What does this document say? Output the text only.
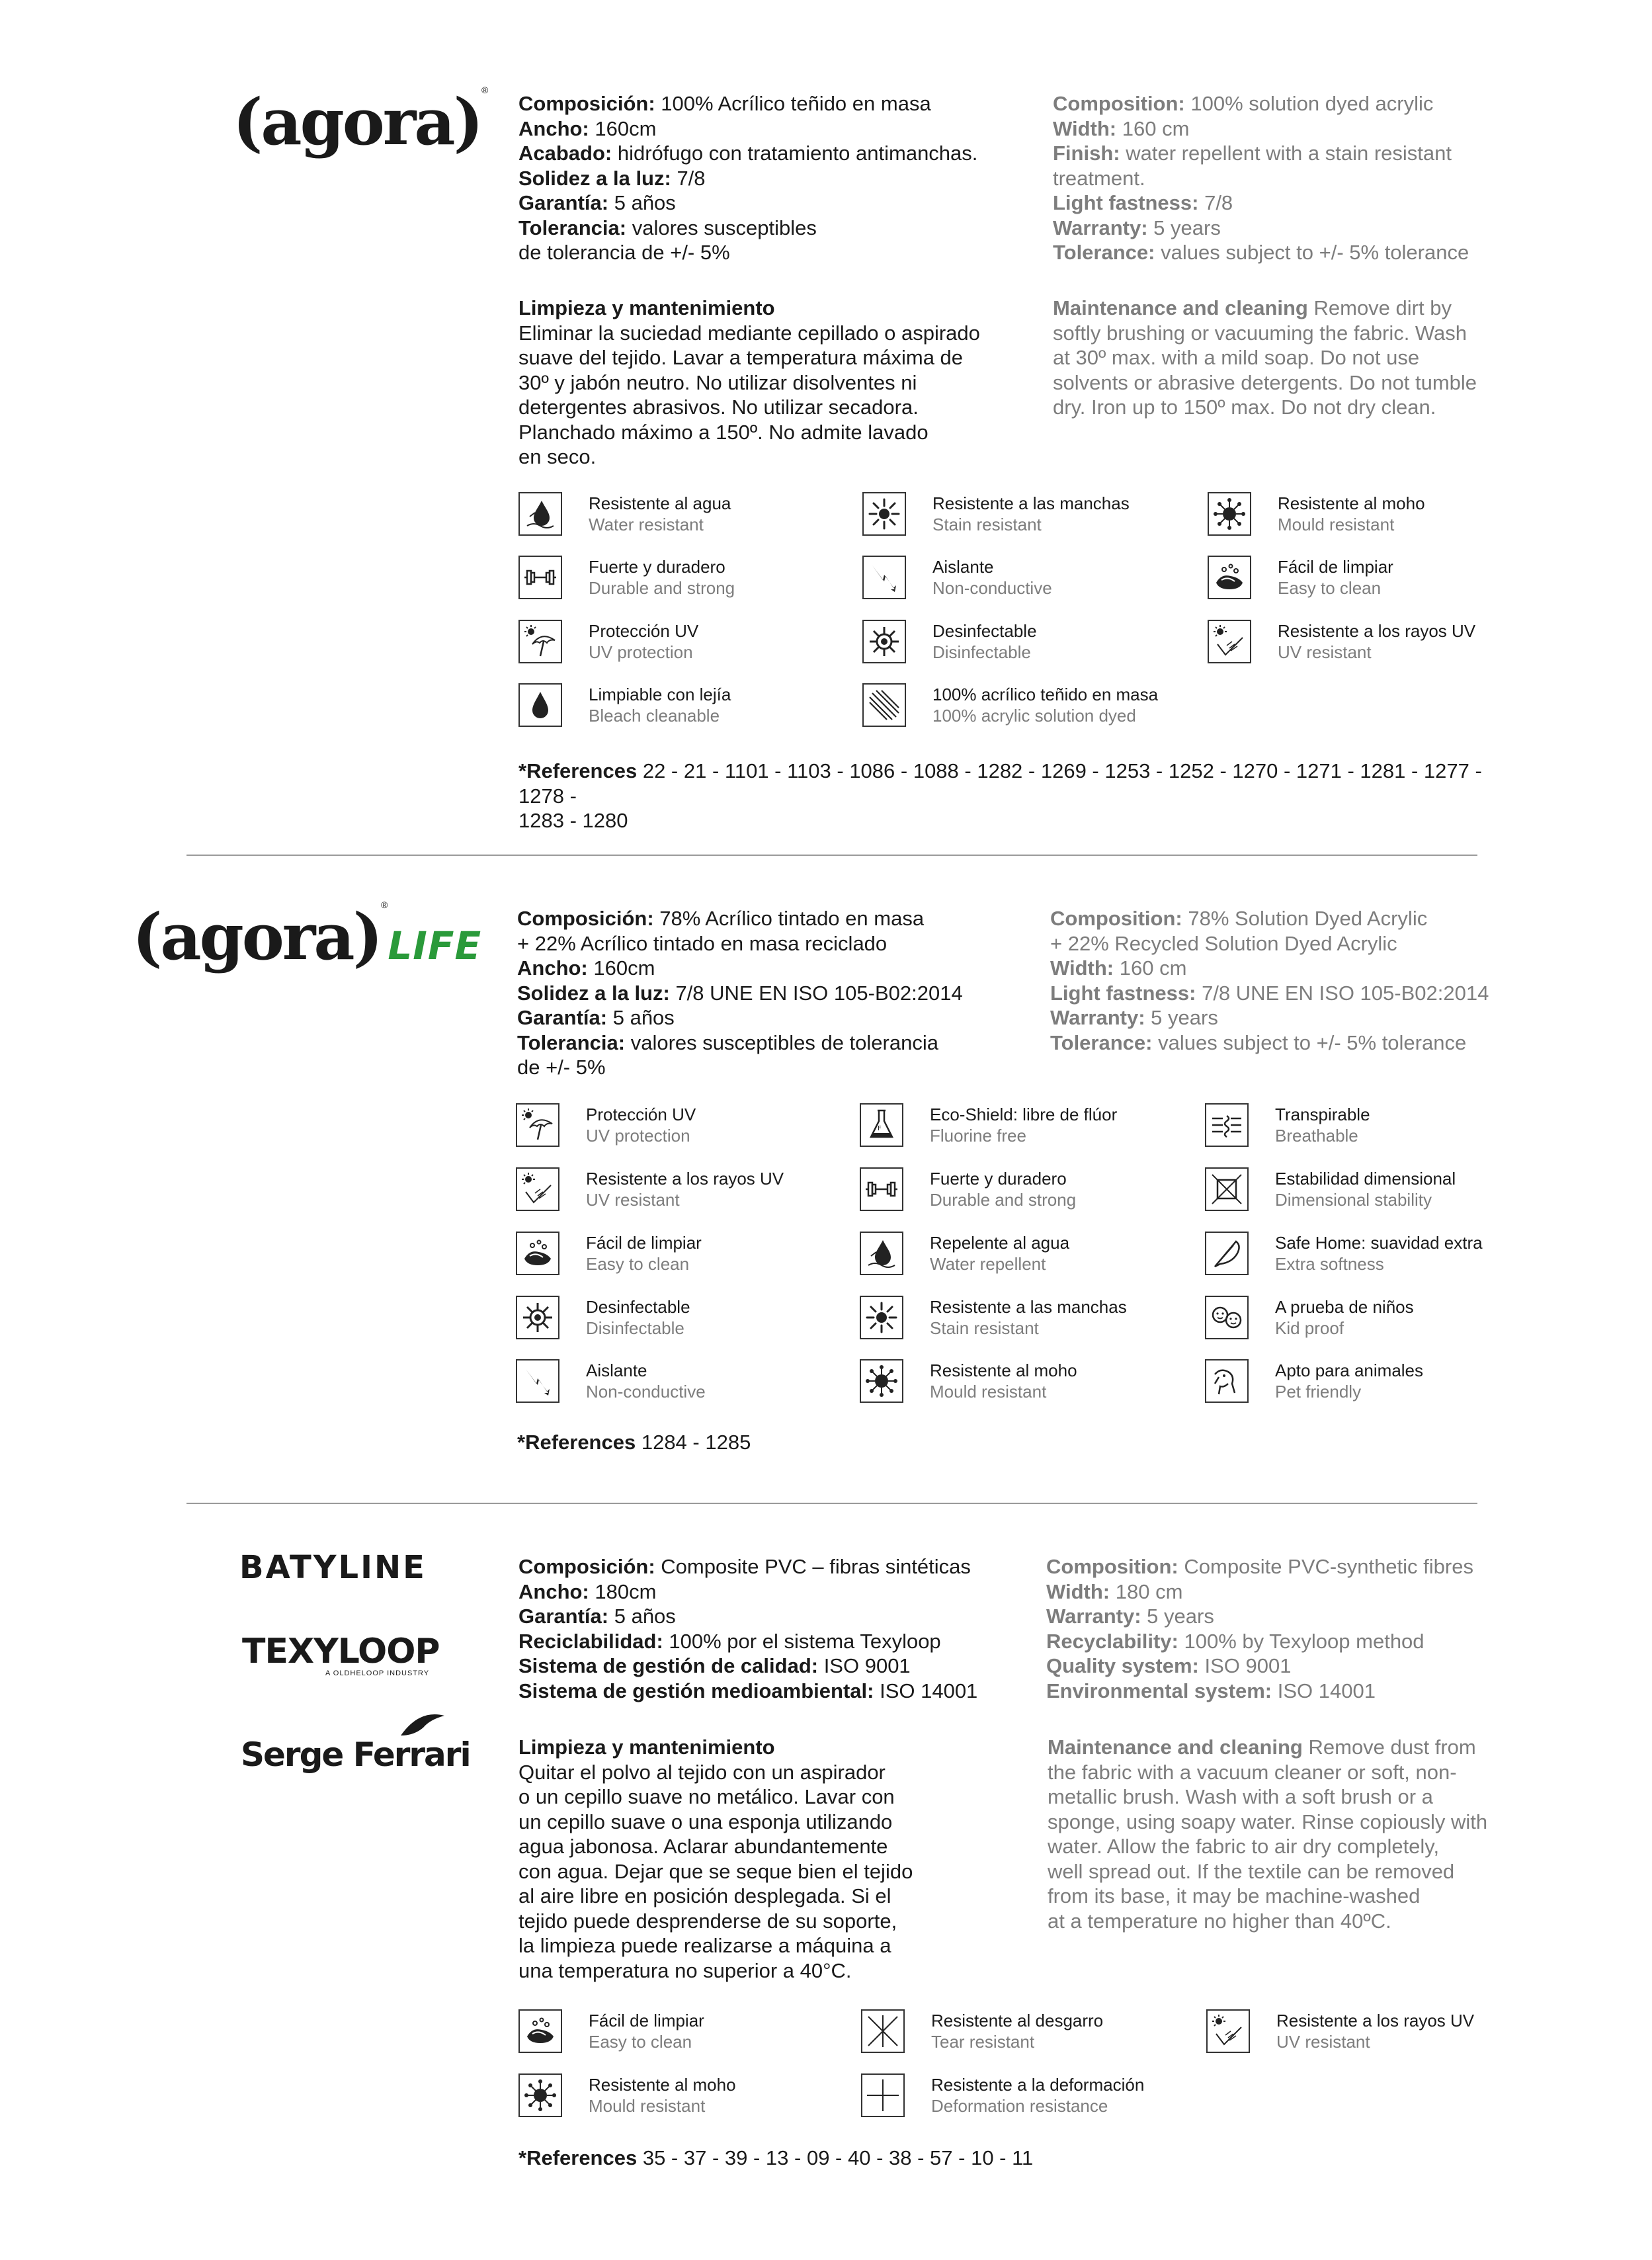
(agora)®
Composición: 100% Acrílico teñido en masa
Ancho: 160cm
Acabado: hidrófugo con tratamiento antimanchas.
Solidez a la luz: 7/8
Garantía: 5 años
Tolerancia: valores susceptibles
de tolerancia de +/- 5%
Composition: 100% solution dyed acrylic
Width: 160 cm
Finish: water repellent with a stain resistant
treatment.
Light fastness: 7/8
Warranty: 5 years
Tolerance: values subject to +/- 5% tolerance
Limpieza y mantenimiento
Eliminar la suciedad mediante cepillado o aspirado
suave del tejido. Lavar a temperatura máxima de
30º y jabón neutro. No utilizar disolventes ni
detergentes abrasivos. No utilizar secadora.
Planchado máximo a 150º. No admite lavado
en seco.
Maintenance and cleaning Remove dirt by
softly brushing or vacuuming the fabric. Wash
at 30º max. with a mild soap. Do not use
solvents or abrasive detergents. Do not tumble
dry. Iron up to 150º max. Do not dry clean.
Resistente al agua
Water resistant
Resistente a las manchas
Stain resistant
Resistente al moho
Mould resistant
Fuerte y duradero
Durable and strong
Aislante
Non-conductive
Fácil de limpiar
Easy to clean
Protección UV
UV protection
Desinfectable
Disinfectable
Resistente a los rayos UV
UV resistant
Limpiable con lejía
Bleach cleanable
100% acrílico teñido en masa
100% acrylic solution dyed
*References 22 - 21 - 1101 - 1103 - 1086 - 1088 - 1282 - 1269 - 1253 - 1252 - 1270 - 1271 - 1281 - 1277 - 1278 -
1283 - 1280
(agora)®LIFE
Composición: 78% Acrílico tintado en masa
+ 22% Acrílico tintado en masa reciclado
Ancho: 160cm
Solidez a la luz: 7/8 UNE EN ISO 105-B02:2014
Garantía: 5 años
Tolerancia: valores susceptibles de tolerancia
de +/- 5%
Composition: 78% Solution Dyed Acrylic
+ 22% Recycled Solution Dyed Acrylic
Width: 160 cm
Light fastness: 7/8 UNE EN ISO 105-B02:2014
Warranty: 5 years
Tolerance: values subject to +/- 5% tolerance
Protección UV
UV protection
Eco-Shield: libre de flúor
Fluorine free
Transpirable
Breathable
Resistente a los rayos UV
UV resistant
Fuerte y duradero
Durable and strong
Estabilidad dimensional
Dimensional stability
Fácil de limpiar
Easy to clean
Repelente al agua
Water repellent
Safe Home: suavidad extra
Extra softness
Desinfectable
Disinfectable
Resistente a las manchas
Stain resistant
A prueba de niños
Kid proof
Aislante
Non-conductive
Resistente al moho
Mould resistant
Apto para animales
Pet friendly
*References 1284 - 1285
BATYLINE
TEXYLOOP
A OLDHELOOP INDUSTRY
Serge Ferrari
Composición: Composite PVC – fibras sintéticas
Ancho: 180cm
Garantía: 5 años
Reciclabilidad: 100% por el sistema Texyloop
Sistema de gestión de calidad: ISO 9001
Sistema de gestión medioambiental: ISO 14001
Composition: Composite PVC-synthetic fibres
Width: 180 cm
Warranty: 5 years
Recyclability: 100% by Texyloop method
Quality system: ISO 9001
Environmental system: ISO 14001
Limpieza y mantenimiento
Quitar el polvo al tejido con un aspirador
o un cepillo suave no metálico. Lavar con
un cepillo suave o una esponja utilizando
agua jabonosa. Aclarar abundantemente
con agua. Dejar que se seque bien el tejido
al aire libre en posición desplegada. Si el
tejido puede desprenderse de su soporte,
la limpieza puede realizarse a máquina a
una temperatura no superior a 40°C.
Maintenance and cleaning Remove dust from
the fabric with a vacuum cleaner or soft, non-
metallic brush. Wash with a soft brush or a
sponge, using soapy water. Rinse copiously with
water. Allow the fabric to air dry completely,
well spread out. If the textile can be removed
from its base, it may be machine-washed
at a temperature no higher than 40ºC.
Fácil de limpiar
Easy to clean
Resistente al desgarro
Tear resistant
Resistente a los rayos UV
UV resistant
Resistente al moho
Mould resistant
Resistente a la deformación
Deformation resistance
*References 35 - 37 - 39 - 13 - 09 - 40 - 38 - 57 - 10 - 11
